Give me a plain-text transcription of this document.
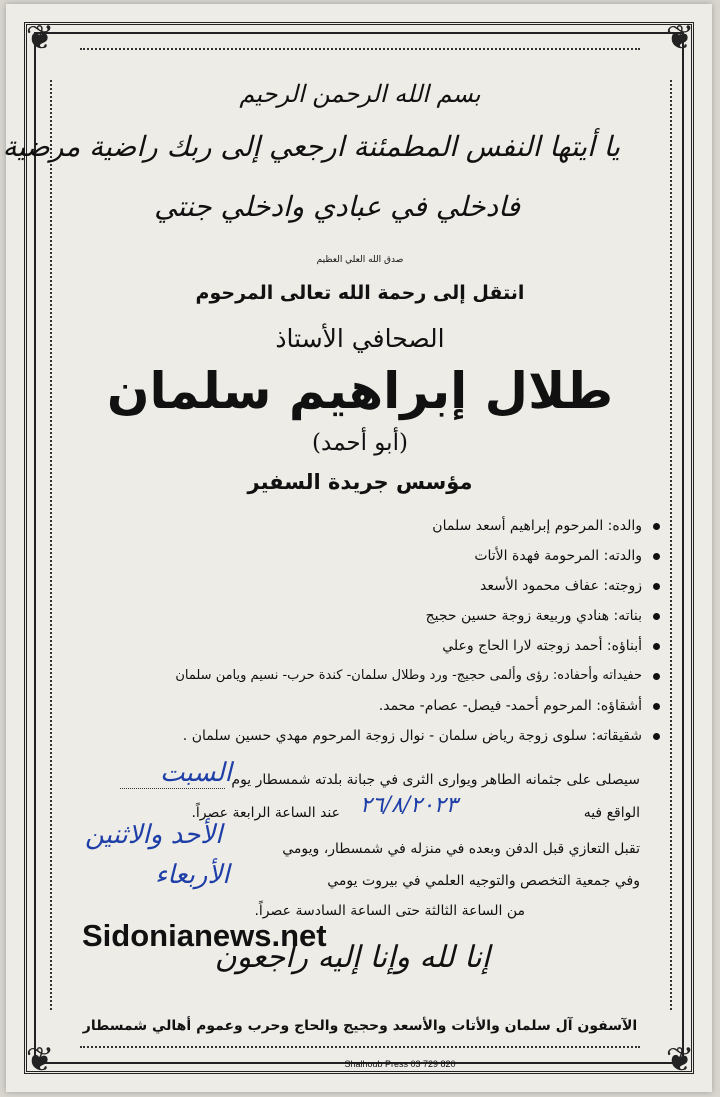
❦	❦
❦	❦
بسم الله الرحمن الرحيم
يا أيتها النفس المطمئنة ارجعي إلى ربك راضية مرضية
فادخلي في عبادي وادخلي جنتي
صدق الله العلي العظيم
انتقل إلى رحمة الله تعالى المرحوم
الصحافي الأستاذ
طلال إبراهيم سلمان
(أبو أحمد)
مؤسس جريدة السفير
والده: المرحوم إبراهيم أسعد سلمان
والدته: المرحومة فهدة الأتات
زوجته: عفاف محمود الأسعد
بناته: هنادي وربيعة زوجة حسين حجيج
أبناؤه: أحمد زوجته لارا الحاج وعلي
حفيداته وأحفاده: رؤى وألمى حجيج- ورد وطلال سلمان- كندة حرب- نسيم ويامن سلمان
أشقاؤه: المرحوم أحمد- فيصل- عصام- محمد.
شقيقاته: سلوى زوجة رياض سلمان - نوال زوجة المرحوم مهدي حسين سلمان .
سيصلى على جثمانه الطاهر ويوارى الثرى في جبانة بلدته شمسطار يوم
السبت
الواقع فيه
٢٦/٨/٢٠٢٣
عند الساعة الرابعة عصراً.
تقبل التعازي قبل الدفن وبعده في منزله في شمسطار، ويومي
الأحد والاثنين
وفي جمعية التخصص والتوجيه العلمي في بيروت يومي
الأربعاء
من الساعة الثالثة حتى الساعة السادسة عصراً.
Sidonianews.net
إنا لله وإنا إليه راجعون
الآسفون آل سلمان والأتات والأسعد وحجيج والحاج وحرب وعموم أهالي شمسطار
Shalhoub Press 03 729 820
